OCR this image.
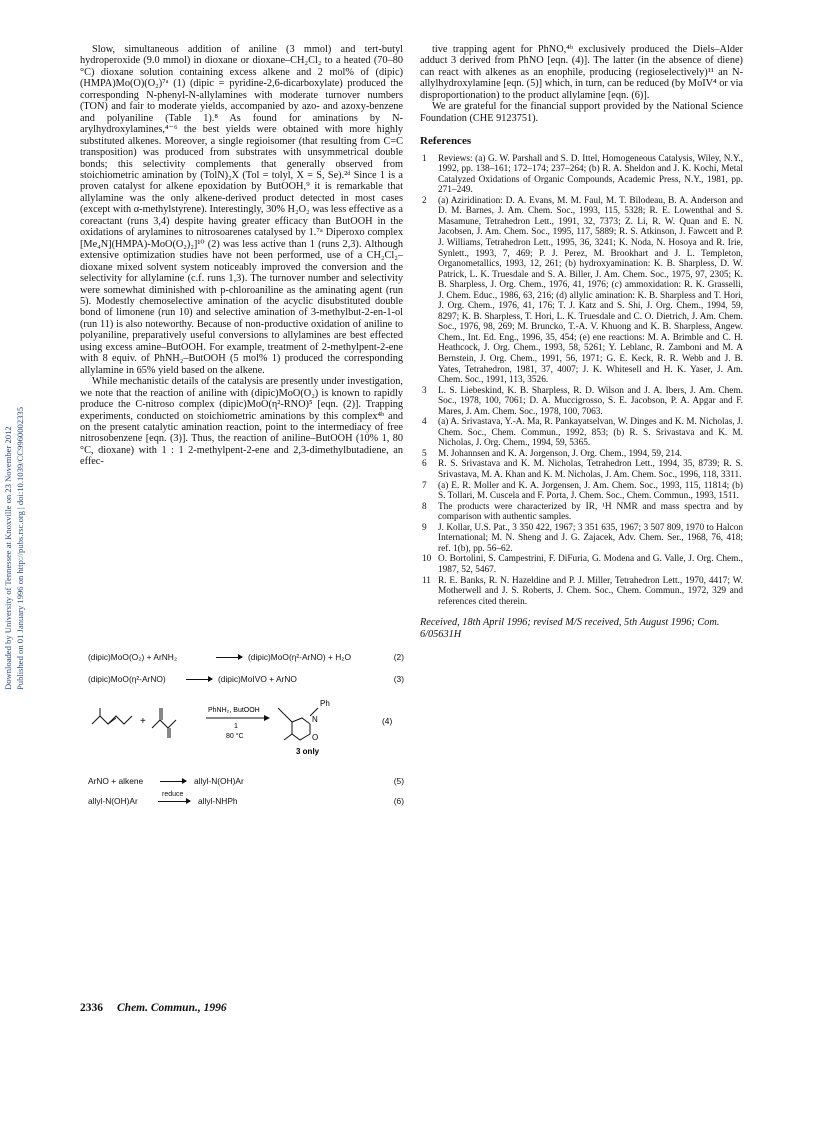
Downloaded by University of Tennessee at Knoxville on 23 November 2012 Published on 01 January 1996 on http://pubs.rsc.org | doi:10.1039/CC9960002335

Slow, simultaneous addition of aniline (3 mmol) and tert-butyl hydroperoxide (9.0 mmol) in dioxane or dioxane–CH₂Cl₂ to a heated (70–80 °C) dioxane solution containing excess alkene and 2 mol% of (dipic)(HMPA)Mo(O)(O₂)⁷ᵃ (1) (dipic = pyridine-2,6-dicarboxylate) produced the corresponding N-phenyl-N-allylamines with moderate turnover numbers (TON) and fair to moderate yields, accompanied by azo- and azoxy-benzene and polyaniline (Table 1).⁸ As found for aminations by N-arylhydroxylamines,⁴⁻⁶ the best yields were obtained with more highly substituted alkenes. Moreover, a single regioisomer (that resulting from C=C transposition) was produced from substrates with unsymmetrical double bonds; this selectivity complements that generally observed from stoichiometric amination by (TolN)₂X (Tol = tolyl, X = S, Se).²ᵈ Since 1 is a proven catalyst for alkene epoxidation by ButOOH,⁹ it is remarkable that allylamine was the only alkene-derived product detected in most cases (except with α-methylstyrene). Interestingly, 30% H₂O₂ was less effective as a coreactant (runs 3,4) despite having greater efficacy than ButOOH in the oxidations of arylamines to nitrosoarenes catalysed by 1.⁷ᵃ Diperoxo complex [Me₄N](HMPA)-MoO(O₂)₂]¹⁰ (2) was less active than 1 (runs 2,3). Although extensive optimization studies have not been performed, use of a CH₂Cl₂–dioxane mixed solvent system noticeably improved the conversion and the selectivity for allylamine (c.f. runs 1,3). The turnover number and selectivity were somewhat diminished with p-chloroaniline as the aminating agent (run 5). Modestly chemoselective amination of the acyclic disubstituted double bond of limonene (run 10) and selective amination of 3-methylbut-2-en-1-ol (run 11) is also noteworthy. Because of non-productive oxidation of aniline to polyaniline, preparatively useful conversions to allylamines are best effected using excess amine–ButOOH. For example, treatment of 2-methylpent-2-ene with 8 equiv. of PhNH₂–ButOOH (5 mol% 1) produced the corresponding allylamine in 65% yield based on the alkene.

While mechanistic details of the catalysis are presently under investigation, we note that the reaction of aniline with (dipic)MoO(O₂) is known to rapidly produce the C-nitroso complex (dipic)MoO(η²-RNO)⁵ [eqn. (2)]. Trapping experiments, conducted on stoichiometric aminations by this complex⁴ᵇ and on the present catalytic amination reaction, point to the intermediacy of free nitrosobenzene [eqn. (3)]. Thus, the reaction of aniline–ButOOH (10% 1, 80 °C, dioxane) with 1 : 1 2-methylpent-2-ene and 2,3-dimethylbutadiene, an effec-

(dipic)MoO(O₂) + ArNH₂	(dipic)MoO(η²-ArNO) + H₂O	(2)
(dipic)MoO(η²-ArNO)	(dipic)MoIVO + ArNO	(3)
+
PhNH₂, ButOOH
1
80 °C
N
Ph
O
3 only
(4)
ArNO + alkene	allyl-N(OH)Ar	(5)
allyl-N(OH)Ar
reduce
allyl-NHPh	(6)

tive trapping agent for PhNO,⁴ᵇ exclusively produced the Diels–Alder adduct 3 derived from PhNO [eqn. (4)]. The latter (in the absence of diene) can react with alkenes as an enophile, producing (regioselectively)¹¹ an N-allylhydroxylamine [eqn. (5)] which, in turn, can be reduced (by MoIV⁴ or via disproportionation) to the product allylamine [eqn. (6)].

We are grateful for the financial support provided by the National Science Foundation (CHE 9123751).

References
1 Reviews: (a) G. W. Parshall and S. D. Ittel, Homogeneous Catalysis, Wiley, N.Y., 1992, pp. 138–161; 172–174; 237–264; (b) R. A. Sheldon and J. K. Kochi, Metal Catalyzed Oxidations of Organic Compounds, Academic Press, N.Y., 1981, pp. 271–249.
2 (a) Aziridination: D. A. Evans, M. M. Faul, M. T. Bilodeau, B. A. Anderson and D. M. Barnes, J. Am. Chem. Soc., 1993, 115, 5328; R. E. Lowenthal and S. Masamune, Tetrahedron Lett., 1991, 32, 7373; Z. Li, R. W. Quan and E. N. Jacobsen, J. Am. Chem. Soc., 1995, 117, 5889; R. S. Atkinson, J. Fawcett and P. J. Williams, Tetrahedron Lett., 1995, 36, 3241; K. Noda, N. Hosoya and R. Irie, Synlett., 1993, 7, 469; P. J. Perez, M. Brookhart and J. L. Templeton, Organometallics, 1993, 12, 261; (b) hydroxyamination: K. B. Sharpless, D. W. Patrick, L. K. Truesdale and S. A. Biller, J. Am. Chem. Soc., 1975, 97, 2305; K. B. Sharpless, J. Org. Chem., 1976, 41, 1976; (c) ammoxidation: R. K. Grasselli, J. Chem. Educ., 1986, 63, 216; (d) allylic amination: K. B. Sharpless and T. Hori, J. Org. Chem., 1976, 41, 176; T. J. Katz and S. Shi, J. Org. Chem., 1994, 59, 8297; K. B. Sharpless, T. Hori, L. K. Truesdale and C. O. Dietrich, J. Am. Chem. Soc., 1976, 98, 269; M. Bruncko, T.-A. V. Khuong and K. B. Sharpless, Angew. Chem., Int. Ed. Eng., 1996, 35, 454; (e) ene reactions: M. A. Brimble and C. H. Heathcock, J. Org. Chem., 1993, 58, 5261; Y. Leblanc, R. Zamboni and M. A Bernstein, J. Org. Chem., 1991, 56, 1971; G. E. Keck, R. R. Webb and J. B. Yates, Tetrahedron, 1981, 37, 4007; J. K. Whitesell and H. K. Yaser, J. Am. Chem. Soc., 1991, 113, 3526.
3 L. S. Liebeskind, K. B. Sharpless, R. D. Wilson and J. A. Ibers, J. Am. Chem. Soc., 1978, 100, 7061; D. A. Muccigrosso, S. E. Jacobson, P. A. Apgar and F. Mares, J. Am. Chem. Soc., 1978, 100, 7063.
4 (a) A. Srivastava, Y.-A. Ma, R. Pankayatselvan, W. Dinges and K. M. Nicholas, J. Chem. Soc., Chem. Commun., 1992, 853; (b) R. S. Srivastava and K. M. Nicholas, J. Org. Chem., 1994, 59, 5365.
5 M. Johannsen and K. A. Jorgenson, J. Org. Chem., 1994, 59, 214.
6 R. S. Srivastava and K. M. Nicholas, Tetrahedron Lett., 1994, 35, 8739; R. S. Srivastava, M. A. Khan and K. M. Nicholas, J. Am. Chem. Soc., 1996, 118, 3311.
7 (a) E. R. Moller and K. A. Jorgensen, J. Am. Chem. Soc., 1993, 115, 11814; (b) S. Tollari, M. Cuscela and F. Porta, J. Chem. Soc., Chem. Commun., 1993, 1511.
8 The products were characterized by IR, ¹H NMR and mass spectra and by comparison with authentic samples.
9 J. Kollar, U.S. Pat., 3 350 422, 1967; 3 351 635, 1967; 3 507 809, 1970 to Halcon International; M. N. Sheng and J. G. Zajacek, Adv. Chem. Ser., 1968, 76, 418; ref. 1(b), pp. 56–62.
10 O. Bortolini, S. Campestrini, F. DiFuria, G. Modena and G. Valle, J. Org. Chem., 1987, 52, 5467.
11 R. E. Banks, R. N. Hazeldine and P. J. Miller, Tetrahedron Lett., 1970, 4417; W. Motherwell and J. S. Roberts, J. Chem. Soc., Chem. Commun., 1972, 329 and references cited therein.
Received, 18th April 1996; revised M/S received, 5th August 1996; Com. 6/05631H
2336 Chem. Commun., 1996
